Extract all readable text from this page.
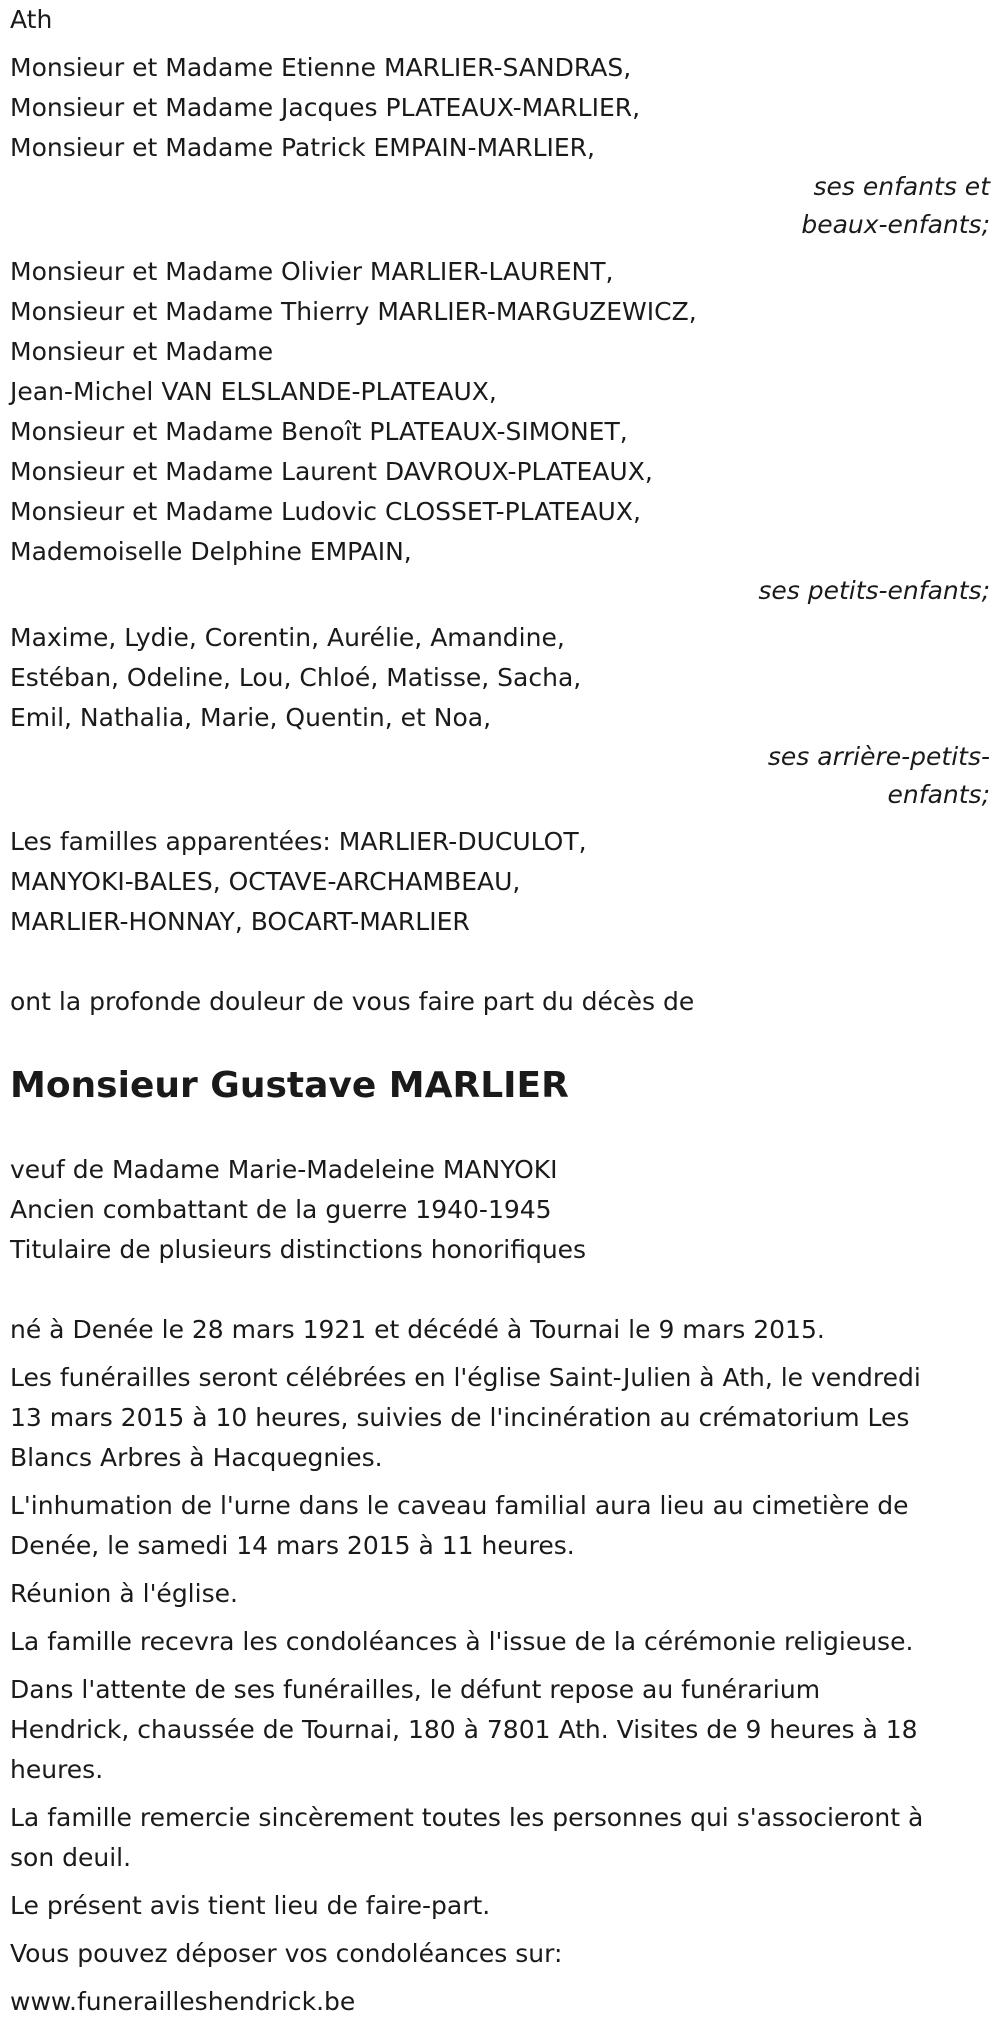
Ath
Monsieur et Madame Etienne MARLIER-SANDRAS,
Monsieur et Madame Jacques PLATEAUX-MARLIER,
Monsieur et Madame Patrick EMPAIN-MARLIER,
ses enfants et
beaux-enfants;
Monsieur et Madame Olivier MARLIER-LAURENT,
Monsieur et Madame Thierry MARLIER-MARGUZEWICZ,
Monsieur et Madame
Jean-Michel VAN ELSLANDE-PLATEAUX,
Monsieur et Madame Benoît PLATEAUX-SIMONET,
Monsieur et Madame Laurent DAVROUX-PLATEAUX,
Monsieur et Madame Ludovic CLOSSET-PLATEAUX,
Mademoiselle Delphine EMPAIN,
ses petits-enfants;
Maxime, Lydie, Corentin, Aurélie, Amandine,
Estéban, Odeline, Lou, Chloé, Matisse, Sacha,
Emil, Nathalia, Marie, Quentin, et Noa,
ses arrière-petits-
enfants;
Les familles apparentées: MARLIER-DUCULOT,
MANYOKI-BALES, OCTAVE-ARCHAMBEAU,
MARLIER-HONNAY, BOCART-MARLIER
ont la profonde douleur de vous faire part du décès de
Monsieur Gustave MARLIER
veuf de Madame Marie-Madeleine MANYOKI
Ancien combattant de la guerre 1940-1945
Titulaire de plusieurs distinctions honorifiques
né à Denée le 28 mars 1921 et décédé à Tournai le 9 mars 2015.
Les funérailles seront célébrées en l'église Saint-Julien à Ath, le vendredi
13 mars 2015 à 10 heures, suivies de l'incinération au crématorium Les
Blancs Arbres à Hacquegnies.
L'inhumation de l'urne dans le caveau familial aura lieu au cimetière de
Denée, le samedi 14 mars 2015 à 11 heures.
Réunion à l'église.
La famille recevra les condoléances à l'issue de la cérémonie religieuse.
Dans l'attente de ses funérailles, le défunt repose au funérarium
Hendrick, chaussée de Tournai, 180 à 7801 Ath. Visites de 9 heures à 18
heures.
La famille remercie sincèrement toutes les personnes qui s'associeront à
son deuil.
Le présent avis tient lieu de faire-part.
Vous pouvez déposer vos condoléances sur:
www.funerailleshendrick.be
